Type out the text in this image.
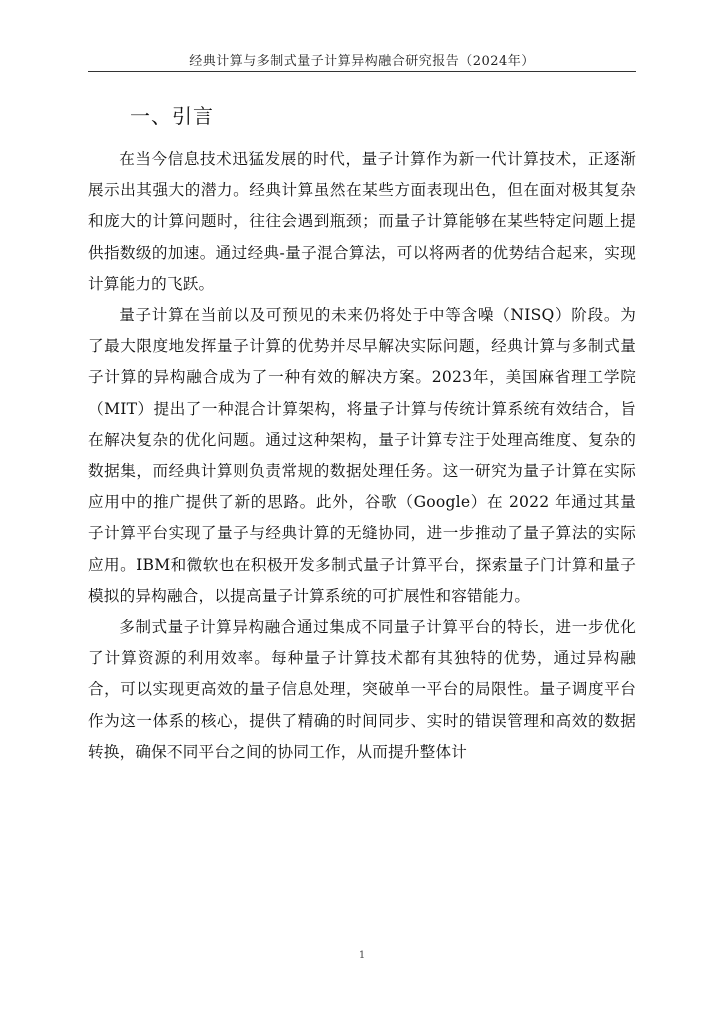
经典计算与多制式量子计算异构融合研究报告（2024年）
一、引言

在当今信息技术迅猛发展的时代，量子计算作为新一代计算技术，正逐渐展示出其强大的潜力。经典计算虽然在某些方面表现出色，但在面对极其复杂和庞大的计算问题时，往往会遇到瓶颈；而量子计算能够在某些特定问题上提供指数级的加速。通过经典-量子混合算法，可以将两者的优势结合起来，实现计算能力的飞跃。

量子计算在当前以及可预见的未来仍将处于中等含噪（NISQ）阶段。为了最大限度地发挥量子计算的优势并尽早解决实际问题，经典计算与多制式量子计算的异构融合成为了一种有效的解决方案。2023年，美国麻省理工学院（MIT）提出了一种混合计算架构，将量子计算与传统计算系统有效结合，旨在解决复杂的优化问题。通过这种架构，量子计算专注于处理高维度、复杂的数据集，而经典计算则负责常规的数据处理任务。这一研究为量子计算在实际应用中的推广提供了新的思路。此外，谷歌（Google）在 2022 年通过其量子计算平台实现了量子与经典计算的无缝协同，进一步推动了量子算法的实际应用。IBM和微软也在积极开发多制式量子计算平台，探索量子门计算和量子模拟的异构融合，以提高量子计算系统的可扩展性和容错能力。

多制式量子计算异构融合通过集成不同量子计算平台的特长，进一步优化了计算资源的利用效率。每种量子计算技术都有其独特的优势，通过异构融合，可以实现更高效的量子信息处理，突破单一平台的局限性。量子调度平台作为这一体系的核心，提供了精确的时间同步、实时的错误管理和高效的数据转换，确保不同平台之间的协同工作，从而提升整体计

1
